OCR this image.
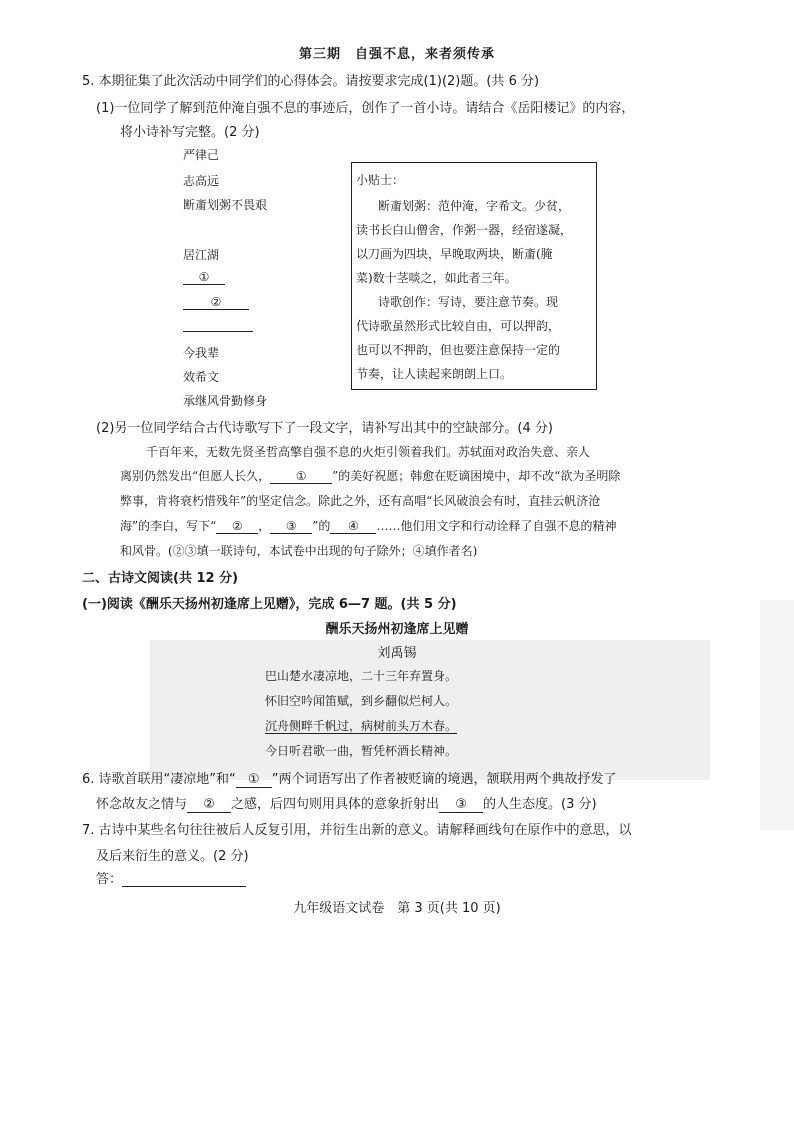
第三期　自强不息，来者须传承
5. 本期征集了此次活动中同学们的心得体会。请按要求完成(1)(2)题。(共 6 分)
(1)一位同学了解到范仲淹自强不息的事迹后，创作了一首小诗。请结合《岳阳楼记》的内容，
将小诗补写完整。(2 分)
严律己
志高远
断齑划粥不畏艰
居江湖
①
②
今我辈
效希文
承继风骨勤修身
小贴士：
断齑划粥：范仲淹，字希文。少贫，
读书长白山僧舍，作粥一器，经宿遂凝，
以刀画为四块，早晚取两块，断齑(腌
菜)数十茎啖之，如此者三年。
诗歌创作：写诗，要注意节奏。现
代诗歌虽然形式比较自由，可以押韵，
也可以不押韵，但也要注意保持一定的
节奏，让人读起来朗朗上口。
(2)另一位同学结合古代诗歌写下了一段文字，请补写出其中的空缺部分。(4 分)
千百年来，无数先贤圣哲高擎自强不息的火炬引领着我们。苏轼面对政治失意、亲人
离别仍然发出“但愿人长久， ① ”的美好祝愿；韩愈在贬谪困境中，却不改“欲为圣明除
弊事，肯将衰朽惜残年”的坚定信念。除此之外，还有高唱“长风破浪会有时，直挂云帆济沧
海”的李白，写下“ ② ， ③ ”的 ④ ……他们用文字和行动诠释了自强不息的精神
和风骨。(②③填一联诗句，本试卷中出现的句子除外；④填作者名)
二、古诗文阅读(共 12 分)
(一)阅读《酬乐天扬州初逢席上见赠》，完成 6—7 题。(共 5 分)
酬乐天扬州初逢席上见赠
刘禹锡
巴山楚水凄凉地，二十三年弃置身。
怀旧空吟闻笛赋，到乡翻似烂柯人。
沉舟侧畔千帆过，病树前头万木春。
今日听君歌一曲，暂凭杯酒长精神。
6. 诗歌首联用“凄凉地”和“ ① ”两个词语写出了作者被贬谪的境遇，颔联用两个典故抒发了
怀念故友之情与 ② 之感，后四句则用具体的意象折射出 ③ 的人生态度。(3 分)
7. 古诗中某些名句往往被后人反复引用，并衍生出新的意义。请解释画线句在原作中的意思，以
及后来衍生的意义。(2 分)
答：
九年级语文试卷　第 3 页(共 10 页)
